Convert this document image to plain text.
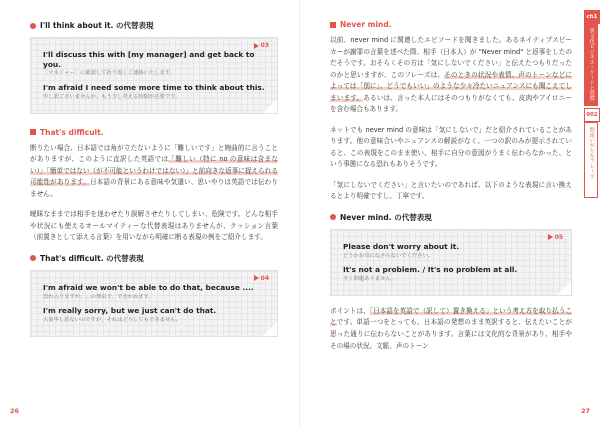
I'll think about it. の代替表現
03
I'll discuss this with [my manager] and get back to you.
［マネジャー］に確認して折り返しご連絡いたします。
I'm afraid I need some more time to think about this.
申し訳ございませんが、もう少し考える時間が必要です。
That's difficult.

断りたい場合、日本語では角が立たないように「難しいです」と婉曲的に言うことがありますが、このように直訳した英語では「難しい（特に no の意味は含まない）」「簡単ではない（が不可能というわけではない）」と前向きな返事に捉えられる可能性があります。日本語の背景にある意味や気遣い、思いやりは英語では伝わりません。

曖昧なままでは相手を迷わせたり誤解させたりしてしまい、危険です。どんな相手や状況にも使えるオールマイティーな代替表現はありませんが、クッション言葉（前置きとして添える言葉）を用いながら明確に断る表現の例をご紹介します。

That's difficult. の代替表現
04
I'm afraid we won't be able to do that, because ....
恐れ入りますが、…の理由で、できかねます。
I'm really sorry, but we just can't do that.
大変申し訳ないのですが、それはどうしてもできません。
26
Never mind.

以前、never mind に関連したエピソードを聞きました。あるネイティブスピーカーが謝罪の言葉を述べた際、相手（日本人）が "Never mind" と返事をしたのだそうです。おそらくその方は「気にしないでください」と伝えたつもりだったのかと思いますが、このフレーズは、そのときの状況や表情、声のトーンなどによっては「別に」、どうでもいい」のような少々冷たいニュアンスにも聞こえてしまいます。あるいは、言った本人にはそのつもりがなくても、皮肉やアイロニーを含む場合もあります。

ネットでも never mind の意味は「気にしないで」だと紹介されていることがあります。他の意味合いやニュアンスの解説がなく、一つの訳のみが提示されていると、この表現をこのまま使い、相手に自分の意図がうまく伝わらなかった、という事態になる恐れもありそうです。

「気にしないでください」と言いたいのであれば、以下のような表現に言い換えるとより明確ですし、丁寧です。

Never mind. の代替表現
05
Please don't worry about it.
どうかお気になさらないでください。
It's not a problem. / It's no problem at all.
全く問題ありません。

ポイントは、「日本語を英語で（訳して）置き換える」という考え方を取り払うことです。単語一つをとっても、日本語の発想のまま英訳すると、伝えたいことが思った通りに伝わらないことがあります。言葉には文化的な背景があり、相手やその場の状況、文脈、声のトーン

27
ch1
異文化ビジネス・リードと習慣
002
間違いがちなフレーズ
